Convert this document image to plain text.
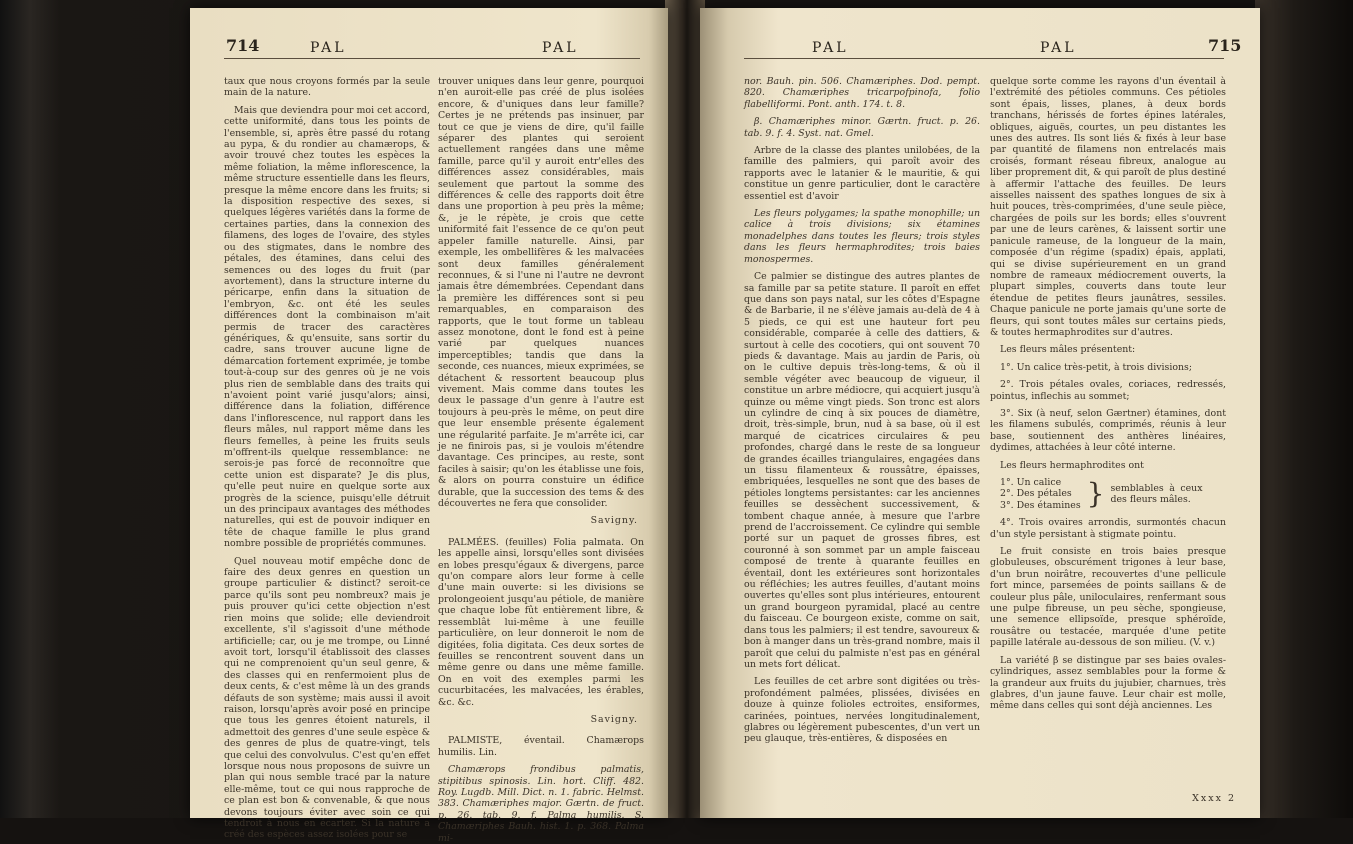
714	PAL	PAL

taux que nous croyons formés par la seule main de la nature.

Mais que deviendra pour moi cet accord, cette uniformité, dans tous les points de l'ensemble, si, après être passé du rotang au pypa, & du rondier au chamærops, & avoir trouvé chez toutes les espèces la même foliation, la même inflorescence, la même structure essentielle dans les fleurs, presque la même encore dans les fruits; si la disposition respective des sexes, si quelques légères variétés dans la forme de certaines parties, dans la connexion des filamens, des loges de l'ovaire, des styles ou des stigmates, dans le nombre des pétales, des étamines, dans celui des semences ou des loges du fruit (par avortement), dans la structure interne du péricarpe, enfin dans la situation de l'embryon, &c. ont été les seules différences dont la combinaison m'ait permis de tracer des caractères génériques, & qu'ensuite, sans sortir du cadre, sans trouver aucune ligne de démarcation fortement exprimée, je tombe tout-à-coup sur des genres où je ne vois plus rien de semblable dans des traits qui n'avoient point varié jusqu'alors; ainsi, différence dans la foliation, différence dans l'inflorescence, nul rapport dans les fleurs mâles, nul rapport même dans les fleurs femelles, à peine les fruits seuls m'offrent-ils quelque ressemblance: ne serois-je pas forcé de reconnoître que cette union est disparate? Je dis plus, qu'elle peut nuire en quelque sorte aux progrès de la science, puisqu'elle détruit un des principaux avantages des méthodes naturelles, qui est de pouvoir indiquer en tête de chaque famille le plus grand nombre possible de propriétés communes.

Quel nouveau motif empêche donc de faire des deux genres en question un groupe particulier & distinct? seroit-ce parce qu'ils sont peu nombreux? mais je puis prouver qu'ici cette objection n'est rien moins que solide; elle deviendroit excellente, s'il s'agissoit d'une méthode artificielle; car, ou je me trompe, ou Linné avoit tort, lorsqu'il établissoit des classes qui ne comprenoient qu'un seul genre, & des classes qui en renfermoient plus de deux cents, & c'est même là un des grands défauts de son système; mais aussi il avoit raison, lorsqu'après avoir posé en principe que tous les genres étoient naturels, il admettoit des genres d'une seule espèce & des genres de plus de quatre-vingt, tels que celui des convolvulus. C'est qu'en effet lorsque nous nous proposons de suivre un plan qui nous semble tracé par la nature elle-même, tout ce qui nous rapproche de ce plan est bon & convenable, & que nous devons toujours éviter avec soin ce qui tendroit à nous en écarter. Si la nature a créé des espèces assez isolées pour se

trouver uniques dans leur genre, pourquoi n'en auroit-elle pas créé de plus isolées encore, & d'uniques dans leur famille? Certes je ne prétends pas insinuer, par tout ce que je viens de dire, qu'il faille séparer des plantes qui seroient actuellement rangées dans une même famille, parce qu'il y auroit entr'elles des différences assez considérables, mais seulement que partout la somme des différences & celle des rapports doit être dans une proportion à peu près la même; &, je le répète, je crois que cette uniformité fait l'essence de ce qu'on peut appeler famille naturelle. Ainsi, par exemple, les ombellifères & les malvacées sont deux familles généralement reconnues, & si l'une ni l'autre ne devront jamais être démembrées. Cependant dans la première les différences sont si peu remarquables, en comparaison des rapports, que le tout forme un tableau assez monotone, dont le fond est à peine varié par quelques nuances imperceptibles; tandis que dans la seconde, ces nuances, mieux exprimées, se détachent & ressortent beaucoup plus vivement. Mais comme dans toutes les deux le passage d'un genre à l'autre est toujours à peu-près le même, on peut dire que leur ensemble présente également une régularité parfaite. Je m'arrête ici, car je ne finirois pas, si je voulois m'étendre davantage. Ces principes, au reste, sont faciles à saisir; qu'on les établisse une fois, & alors on pourra constuire un édifice durable, que la succession des tems & des découvertes ne fera que consolider.

Savigny.

PALMÉES. (feuilles) Folia palmata. On les appelle ainsi, lorsqu'elles sont divisées en lobes presqu'égaux & divergens, parce qu'on compare alors leur forme à celle d'une main ouverte: si les divisions se prolongeoient jusqu'au pétiole, de manière que chaque lobe fût entièrement libre, & ressemblât lui-même à une feuille particulière, on leur donneroit le nom de digitées, folia digitata. Ces deux sortes de feuilles se rencontrent souvent dans un même genre ou dans une même famille. On en voit des exemples parmi les cucurbitacées, les malvacées, les érables, &c. &c.

Savigny.

PALMISTE, éventail. Chamærops humilis. Lin.

Chamærops frondibus palmatis, stipitibus spinosis. Lin. hort. Cliff. 482. Roy. Lugdb. Mill. Dict. n. 1. fabric. Helmst. 383. Chamæriphes major. Gærtn. de fruct. p. 26. tab. 9. f. Palma humilis. S. Chamæriphes Bauh. hist. 1. p. 368. Palma mi-

PAL	PAL	715

nor. Bauh. pin. 506. Chamæriphes. Dod. pempt. 820. Chamæriphes tricarpofpinofa, folio flabelliformi. Pont. anth. 174. t. 8.

β. Chamæriphes minor. Gærtn. fruct. p. 26. tab. 9. f. 4. Syst. nat. Gmel.

Arbre de la classe des plantes unilobées, de la famille des palmiers, qui paroît avoir des rapports avec le latanier & le mauritie, & qui constitue un genre particulier, dont le caractère essentiel est d'avoir

Les fleurs polygames; la spathe monophille; un calice à trois divisions; six étamines monadelphes dans toutes les fleurs; trois styles dans les fleurs hermaphrodites; trois baies monospermes.

Ce palmier se distingue des autres plantes de sa famille par sa petite stature. Il paroît en effet que dans son pays natal, sur les côtes d'Espagne & de Barbarie, il ne s'élève jamais au-delà de 4 à 5 pieds, ce qui est une hauteur fort peu considérable, comparée à celle des dattiers, & surtout à celle des cocotiers, qui ont souvent 70 pieds & davantage. Mais au jardin de Paris, où on le cultive depuis très-long-tems, & où il semble végéter avec beaucoup de vigueur, il constitue un arbre médiocre, qui acquiert jusqu'à quinze ou même vingt pieds. Son tronc est alors un cylindre de cinq à six pouces de diamètre, droit, très-simple, brun, nud à sa base, où il est marqué de cicatrices circulaires & peu profondes, chargé dans le reste de sa longueur de grandes écailles triangulaires, engagées dans un tissu filamenteux & roussâtre, épaisses, embriquées, lesquelles ne sont que des bases de pétioles longtems persistantes: car les anciennes feuilles se dessèchent successivement, & tombent chaque année, à mesure que l'arbre prend de l'accroissement. Ce cylindre qui semble porté sur un paquet de grosses fibres, est couronné à son sommet par un ample faisceau composé de trente à quarante feuilles en éventail, dont les extérieures sont horizontales ou réfléchies; les autres feuilles, d'autant moins ouvertes qu'elles sont plus intérieures, entourent un grand bourgeon pyramidal, placé au centre du faisceau. Ce bourgeon existe, comme on sait, dans tous les palmiers; il est tendre, savoureux & bon à manger dans un très-grand nombre, mais il paroît que celui du palmiste n'est pas en général un mets fort délicat.

Les feuilles de cet arbre sont digitées ou très-profondément palmées, plissées, divisées en douze à quinze folioles ectroites, ensiformes, carinées, pointues, nervées longitudinalement, glabres ou légèrement pubescentes, d'un vert un peu glauque, très-entières, & disposées en

quelque sorte comme les rayons d'un éventail à l'extrémité des pétioles communs. Ces pétioles sont épais, lisses, planes, à deux bords tranchans, hérissés de fortes épines latérales, obliques, aiguës, courtes, un peu distantes les unes des autres. Ils sont liés & fixés à leur base par quantité de filamens non entrelacés mais croisés, formant réseau fibreux, analogue au liber proprement dit, & qui paroît de plus destiné à affermir l'attache des feuilles. De leurs aisselles naissent des spathes longues de six à huit pouces, très-comprimées, d'une seule pièce, chargées de poils sur les bords; elles s'ouvrent par une de leurs carènes, & laissent sortir une panicule rameuse, de la longueur de la main, composée d'un régime (spadix) épais, applati, qui se divise supérieurement en un grand nombre de rameaux médiocrement ouverts, la plupart simples, couverts dans toute leur étendue de petites fleurs jaunâtres, sessiles. Chaque panicule ne porte jamais qu'une sorte de fleurs, qui sont toutes mâles sur certains pieds, & toutes hermaphrodites sur d'autres.

Les fleurs mâles présentent:

1°. Un calice très-petit, à trois divisions;

2°. Trois pétales ovales, coriaces, redressés, pointus, inflechis au sommet;

3°. Six (à neuf, selon Gærtner) étamines, dont les filamens subulés, comprimés, réunis à leur base, soutiennent des anthères linéaires, dydimes, attachées à leur côté interne.

Les fleurs hermaphrodites ont

1°. Un calice
2°. Des pétales
3°. Des étamines } semblables à ceux des fleurs mâles.

4°. Trois ovaires arrondis, surmontés chacun d'un style persistant à stigmate pointu.

Le fruit consiste en trois baies presque globuleuses, obscurément trigones à leur base, d'un brun noirâtre, recouvertes d'une pellicule fort mince, parsemées de points saillans & de couleur plus pâle, uniloculaires, renfermant sous une pulpe fibreuse, un peu sèche, spongieuse, une semence ellipsoïde, presque sphéroïde, rousâtre ou testacée, marquée d'une petite papille latérale au-dessous de son milieu. (V. v.)

La variété β se distingue par ses baies ovales-cylindriques, assez semblables pour la forme & la grandeur aux fruits du jujubier, charnues, très glabres, d'un jaune fauve. Leur chair est molle, même dans celles qui sont déjà anciennes. Les

Xxxx 2
